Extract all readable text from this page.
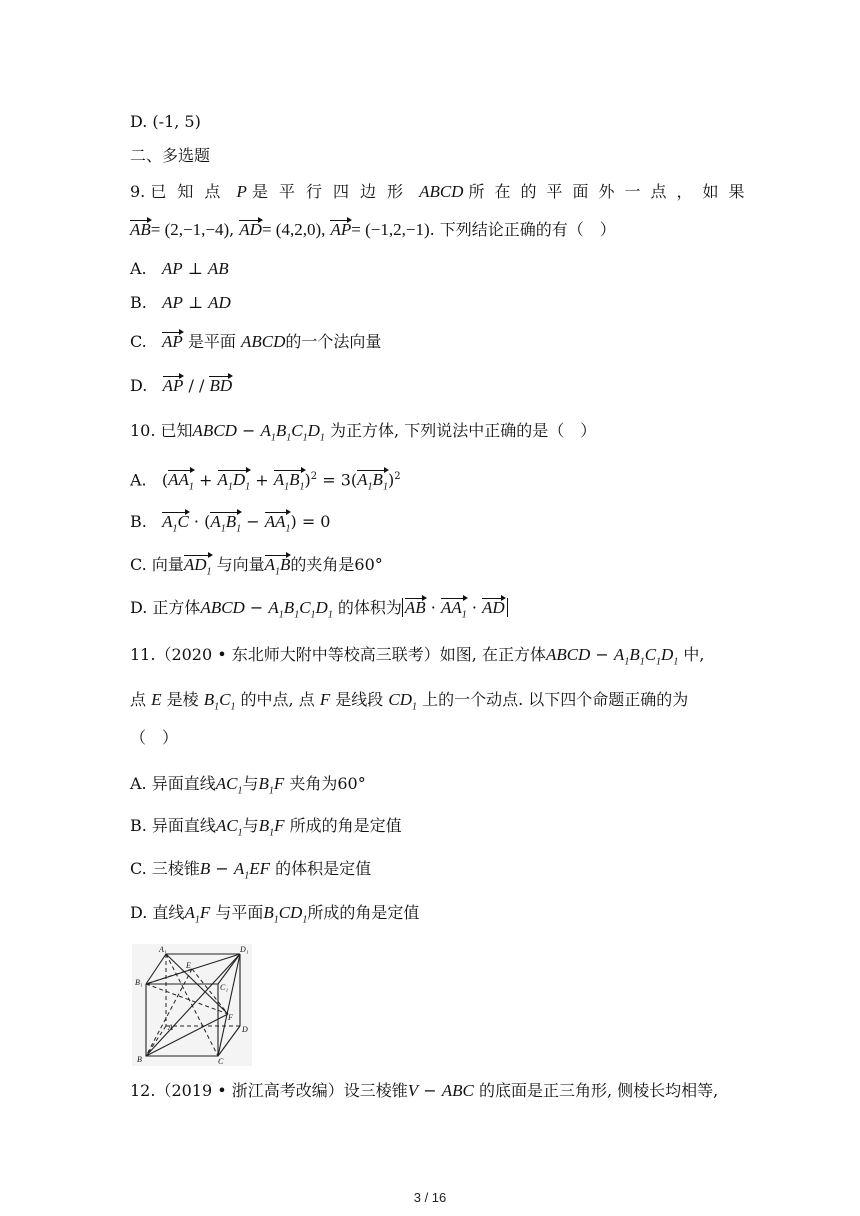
D. (-1, 5)
二、多选题
9. 已知点 P 是平行四边形 ABCD 所在的平面外一点，如果
AB= (2,−1,−4), AD= (4,2,0), AP= (−1,2,−1). 下列结论正确的有（　）
A. AP ⊥ AB
B. AP ⊥ AD
C. AP 是平面 ABCD的一个法向量
D. AP / / BD
10. 已知ABCD − $A_1B_1C_1D_1$ 为正方体, 下列说法中正确的是（　）
A.   $(AA_1 + A_1D_1 + A_1B_1)^2 = 3(A_1B_1)^2$
B. $A_1C \cdot (A_1B_1 - AA_1) = 0$
C. 向量$AD_1$ 与向量$A_1B$的夹角是60°
D. 正方体ABCD − $A_1B_1C_1D_1$ 的体积为 AB · $AA_1$ · AD
11.（2020 • 东北师大附中等校高三联考）如图, 在正方体ABCD − $A_1B_1C_1D_1$ 中,
点 E 是棱 $B_1C_1$ 的中点, 点 F 是线段 $CD_1$ 上的一个动点. 以下四个命题正确的为
（　）
A. 异面直线$AC_1$与$B_1F$ 夹角为60°
B. 异面直线$AC_1$与$B_1F$ 所成的角是定值
C. 三棱锥$B - A_1EF$ 的体积是定值
D. 直线$A_1F$ 与平面$B_1CD_1$所成的角是定值
A₁	D₁
B₁
C₁
E
F
A	D
B	C
12.（2019 • 浙江高考改编）设三棱锥V − ABC 的底面是正三角形, 侧棱长均相等,
3 / 16
